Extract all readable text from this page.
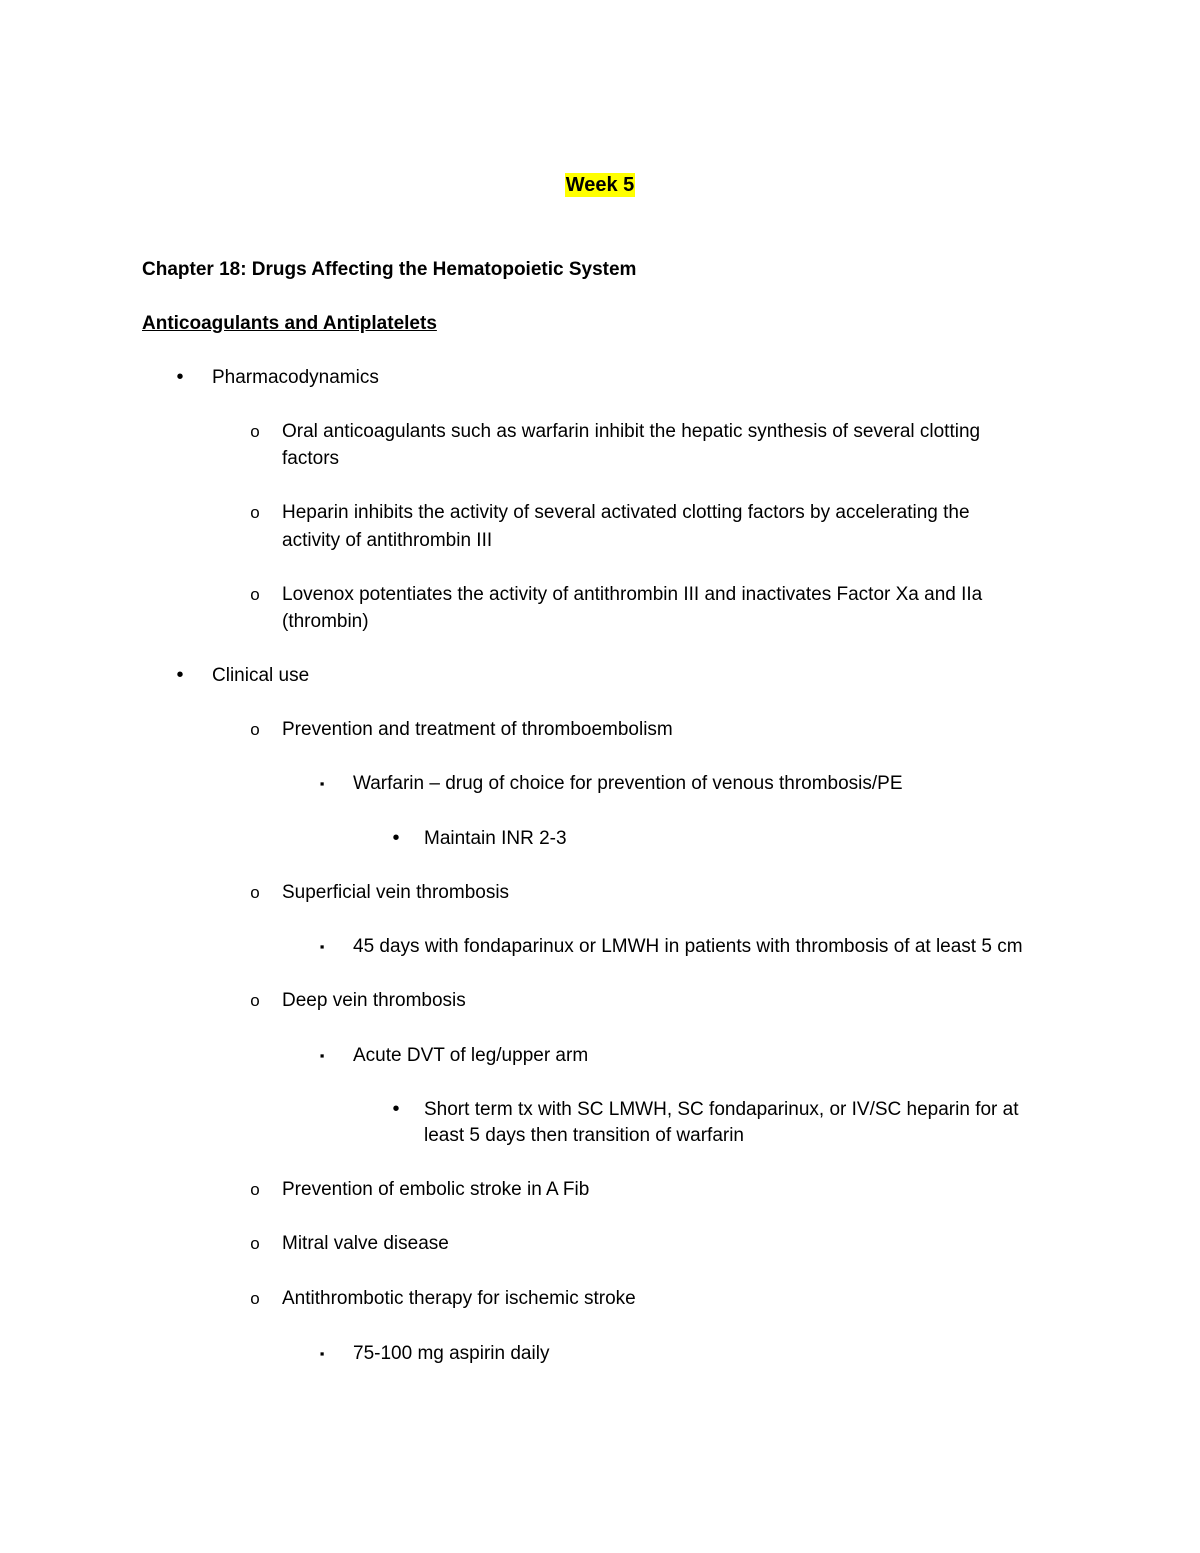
Week 5
Chapter 18: Drugs Affecting the Hematopoietic System
Anticoagulants and Antiplatelets
•	Pharmacodynamics
o Oral anticoagulants such as warfarin inhibit the hepatic synthesis of several clotting
factors
o Heparin inhibits the activity of several activated clotting factors by accelerating the
activity of antithrombin III
o Lovenox potentiates the activity of antithrombin III and inactivates Factor Xa and IIa
(thrombin)
•	Clinical use
o Prevention and treatment of thromboembolism
▪	Warfarin – drug of choice for prevention of venous thrombosis/PE
•	Maintain INR 2-3
o Superficial vein thrombosis
▪	45 days with fondaparinux or LMWH in patients with thrombosis of at least 5 cm
o Deep vein thrombosis
▪	Acute DVT of leg/upper arm
•	Short term tx with SC LMWH, SC fondaparinux, or IV/SC heparin for at
least 5 days then transition of warfarin
o Prevention of embolic stroke in A Fib
o Mitral valve disease
o Antithrombotic therapy for ischemic stroke
▪	75-100 mg aspirin daily
